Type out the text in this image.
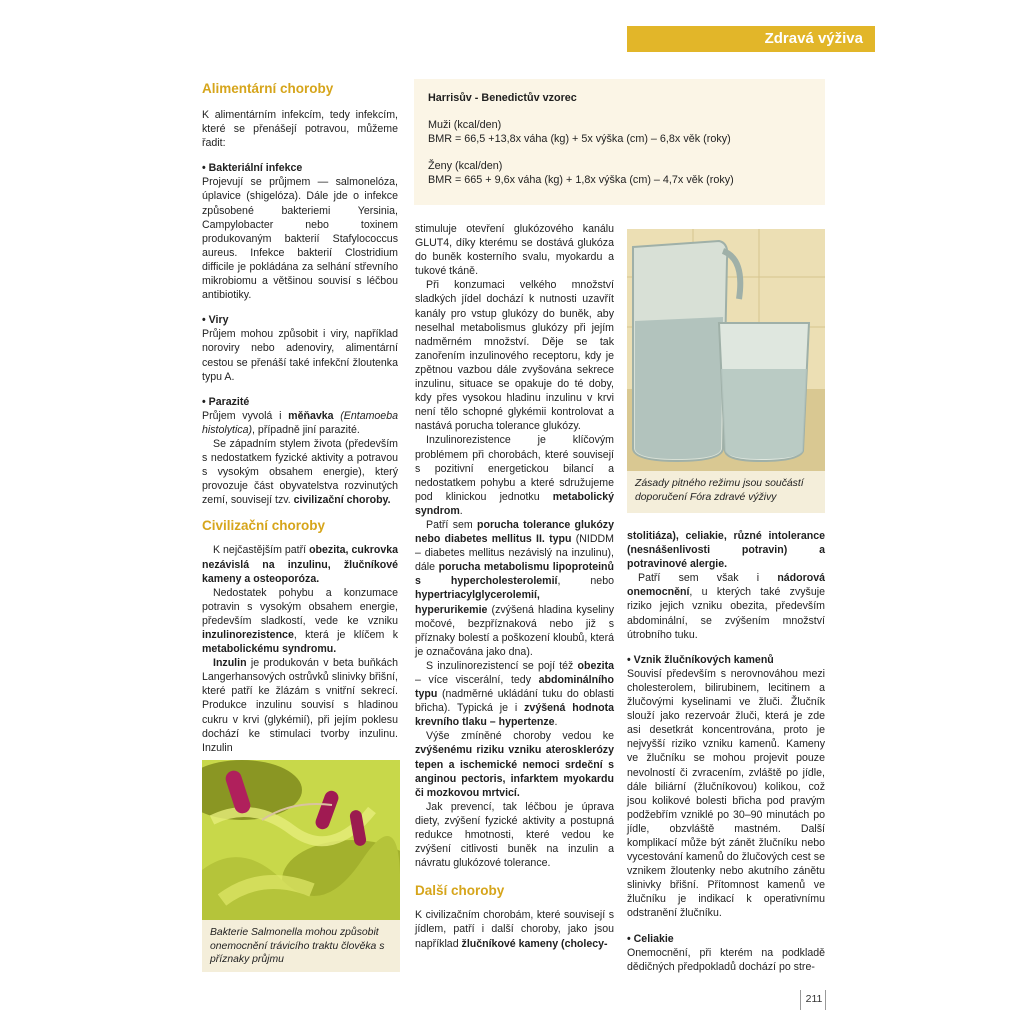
Zdravá výživa
Alimentární choroby

K alimentárním infekcím, tedy infekcím, které se přenášejí potravou, můžeme řadit:

• Bakteriální infekce

Projevují se průjmem — salmonelóza, úplavice (shigelóza). Dále jde o infekce způsobené bakteriemi Yersinia, Campylobacter nebo toxinem produkovaným bakterií Stafylococcus aureus. Infekce bakterií Clostridium difficile je pokládána za selhání střevního mikrobiomu a většinou souvisí s léčbou antibiotiky.

• Viry

Průjem mohou způsobit i viry, například noroviry nebo adenoviry, alimentární cestou se přenáší také infekční žloutenka typu A.

• Parazité

Průjem vyvolá i měňavka (Entamoeba histolytica), případně jiní parazité.

Se západním stylem života (především s nedostatkem fyzické aktivity a potravou s vysokým obsahem energie), který provozuje část obyvatelstva rozvinutých zemí, souvisejí tzv. civilizační choroby.

Civilizační choroby

K nejčastějším patří obezita, cukrovka nezávislá na inzulinu, žlučníkové kameny a osteoporóza.

Nedostatek pohybu a konzumace potravin s vysokým obsahem energie, především sladkostí, vede ke vzniku inzulinorezistence, která je klíčem k metabolickému syndromu.

Inzulin je produkován v beta buňkách Langerhansových ostrůvků slinivky břišní, které patří ke žlázám s vnitřní sekrecí. Produkce inzulinu souvisí s hladinou cukru v krvi (glykémií), při jejím poklesu dochází ke stimulaci tvorby inzulinu. Inzulin

Bakterie Salmonella mohou způsobit onemocnění trávicího traktu člověka s příznaky průjmu
Harrisův - Benedictův vzorec
Muži (kcal/den)
BMR = 66,5 +13,8x váha (kg) + 5x výška (cm) – 6,8x věk (roky)
Ženy (kcal/den)
BMR = 665 + 9,6x váha (kg) + 1,8x výška (cm) – 4,7x věk (roky)

stimuluje otevření glukózového kanálu GLUT4, díky kterému se dostává glukóza do buněk kosterního svalu, myokardu a tukové tkáně.

Při konzumaci velkého množství sladkých jídel dochází k nutnosti uzavřít kanály pro vstup glukózy do buněk, aby neselhal metabolismus glukózy při jejím nadměrném množství. Děje se tak zanořením inzulinového receptoru, kdy je zpětnou vazbou dále zvyšována sekrece inzulinu, situace se opakuje do té doby, kdy přes vysokou hladinu inzulinu v krvi není tělo schopné glykémii kontrolovat a nastává porucha tolerance glukózy.

Inzulinorezistence je klíčovým problémem při chorobách, které souvisejí s pozitivní energetickou bilancí a nedostatkem pohybu a které sdružujeme pod klinickou jednotku metabolický syndrom.

Patří sem porucha tolerance glukózy nebo diabetes mellitus II. typu (NIDDM – diabetes mellitus nezávislý na inzulinu), dále porucha metabolismu lipoproteinů s hypercholesterolemií, nebo hypertriacylglycerolemií, hyperurikemie (zvýšená hladina kyseliny močové, bezpříznaková nebo již s příznaky bolestí a poškození kloubů, která je označována jako dna).

S inzulinorezistencí se pojí též obezita – více viscerální, tedy abdominálního typu (nadměrné ukládání tuku do oblasti břicha). Typická je i zvýšená hodnota krevního tlaku – hypertenze.

Výše zmíněné choroby vedou ke zvýšenému riziku vzniku aterosklerózy tepen a ischemické nemoci srdeční s anginou pectoris, infarktem myokardu či mozkovou mrtvicí.

Jak prevencí, tak léčbou je úprava diety, zvýšení fyzické aktivity a postupná redukce hmotnosti, které vedou ke zvýšení citlivosti buněk na inzulin a návratu glukózové tolerance.

Další choroby

K civilizačním chorobám, které souvisejí s jídlem, patří i další choroby, jako jsou například žlučníkové kameny (cholecy-

Zásady pitného režimu jsou součástí doporučení Fóra zdravé výživy

stolitiáza), celiakie, různé intolerance (nesnášenlivosti potravin) a potravinové alergie.

Patří sem však i nádorová onemocnění, u kterých také zvyšuje riziko jejich vzniku obezita, především abdominální, se zvýšením množství útrobního tuku.

• Vznik žlučníkových kamenů

Souvisí především s nerovnováhou mezi cholesterolem, bilirubinem, lecitinem a žlučovými kyselinami ve žluči. Žlučník slouží jako rezervoár žluči, která je zde asi desetkrát koncentrována, proto je nejvyšší riziko vzniku kamenů. Kameny ve žlučníku se mohou projevit pouze nevolností či zvracením, zvláště po jídle, dále biliární (žlučníkovou) kolikou, což jsou kolikové bolesti břicha pod pravým podžebřím vzniklé po 30–90 minutách po jídle, obzvláště mastném. Další komplikací může být zánět žlučníku nebo vycestování kamenů do žlučových cest se vznikem žloutenky nebo akutního zánětu slinivky břišní. Přítomnost kamenů ve žlučníku je indikací k operativnímu odstranění žlučníku.

• Celiakie

Onemocnění, při kterém na podkladě dědičných předpokladů dochází po stre-

211
